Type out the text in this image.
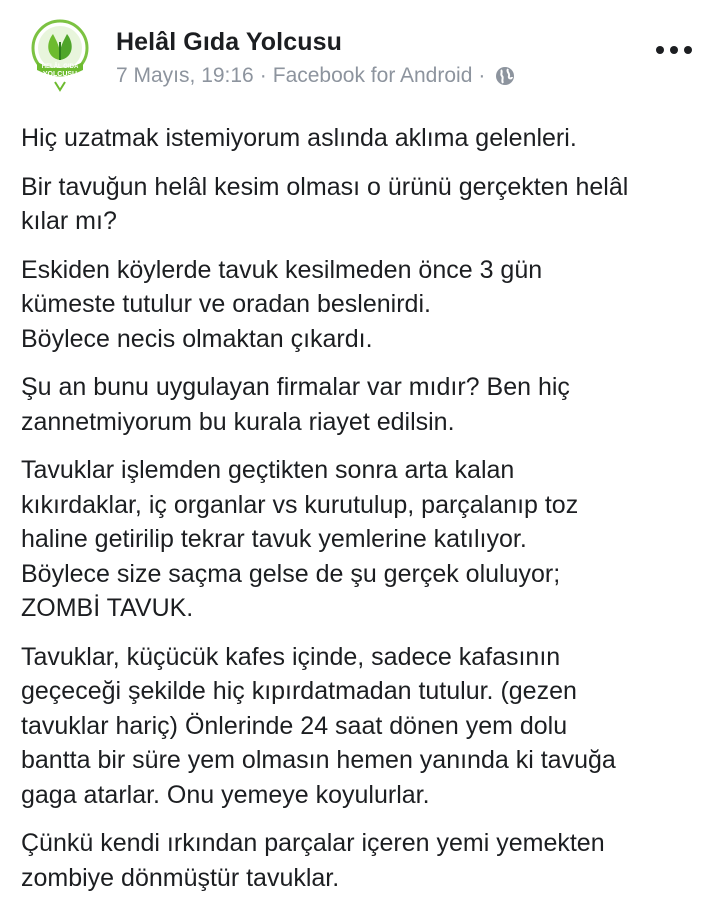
HELÂL GIDA
YOLCUSU
Helâl Gıda Yolcusu
7 Mayıs, 19:16 · Facebook for Android ·

Hiç uzatmak istemiyorum aslında aklıma gelenleri.

Bir tavuğun helâl kesim olması o ürünü gerçekten helâl
kılar mı?

Eskiden köylerde tavuk kesilmeden önce 3 gün
kümeste tutulur ve oradan beslenirdi.
Böylece necis olmaktan çıkardı.

Şu an bunu uygulayan firmalar var mıdır? Ben hiç
zannetmiyorum bu kurala riayet edilsin.

Tavuklar işlemden geçtikten sonra arta kalan
kıkırdaklar, iç organlar vs kurutulup, parçalanıp toz
haline getirilip tekrar tavuk yemlerine katılıyor.
Böylece size saçma gelse de şu gerçek oluluyor;
ZOMBİ TAVUK.

Tavuklar, küçücük kafes içinde, sadece kafasının
geçeceği şekilde hiç kıpırdatmadan tutulur. (gezen
tavuklar hariç) Önlerinde 24 saat dönen yem dolu
bantta bir süre yem olmasın hemen yanında ki tavuğa
gaga atarlar. Onu yemeye koyulurlar.

Çünkü kendi ırkından parçalar içeren yemi yemekten
zombiye dönmüştür tavuklar.
